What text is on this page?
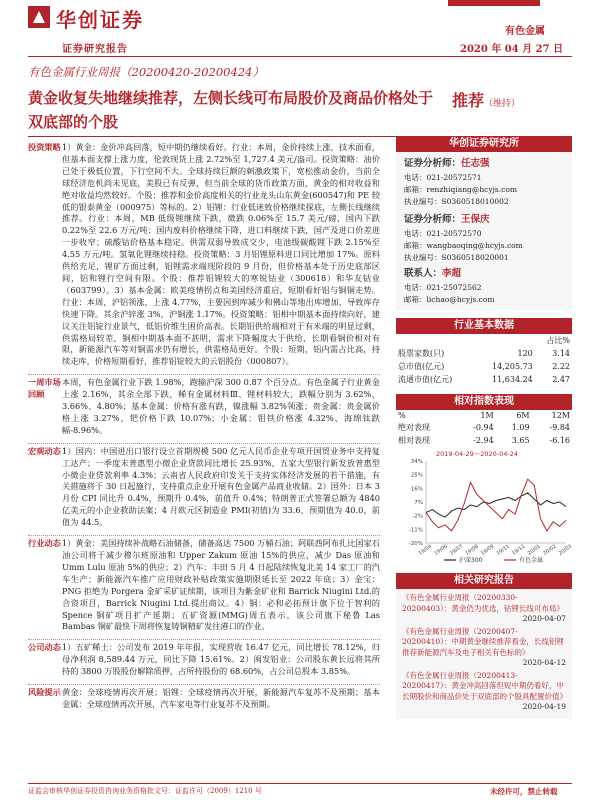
华创证券
证券研究报告
有色金属
2020 年 04 月 27 日
有色金属行业周报（20200420-20200424）
黄金收复失地继续推荐，左侧长线可布局股价及商品价格处于双底部的个股
推荐（维持）
投资策略 1）黄金：金价冲高回落，短中期仍继续看好。行业：本周，金价持续上涨，技术面看，但基本面支撑上涨力度，伦敦现货上涨 2.72%至 1,727.4 美元/盎司。投资策略：油价已处于极低位置，下行空间不大。全球持续巨额的刺激政策下，宽松推动金价，当前全球经济危机尚未见底，美股已有反弹，但当前全球的货币政策方面，黄金的相对收益和绝对收益均然较好。个股：推荐和金价高度相关的行业龙头山东黄金(600547)和 PE 较低的银泰黄金（000975）等标的。2）铝锂：行业低迷致价格继续探底，左侧长线继续推荐。行业：本周，MB 低级锂继续下跌，微跌 0.06%至 15.7 美元/磅，国内下跌 0.22%至 22.6 万元/吨；国内废料价格继续下降，进口料继续下跌，国产及进口价差进一步收窄；硫酸钴价格基本稳定。供需双弱导致成交少，电池级碳酸锂下跌 2.15%至 4.55 万元/吨。氢氧化锂继续持稳。投资策略：3 月铝锂原料进口同比增加 17%。原料供给充足，锂矿方面过剩，铝锂需求端现阶段的 9 月份，但价格基本处于历史底部区间，铝和锂行空间有限。个股：推荐铝锂较大的寒锐钴业（300618）和华友钴业（603799）。3）基本金属：欧美疫情拐点和美国经济重启，短期看好铝与铜铜走势。行业：本周，沪铝领涨，上涨 4.77%，主要因到库减少和佛山等地出库增加，导致库存快速下降。其余沪锌涨 3%，沪铜涨 1.17%。投资策略：铝相中期基本面持续向好，建议关注铝锭行业景气，低铝价维生困价高表。长期铝供给端相对于有米端的明显过剩，供需格局较差，铜相中期基本面不甚明，需求下降幅度大于供给，长期看铜价相对有限，新能源汽车等对铜需求仍有增长，供需格局更好。个股：短期，铝内需占比高，持续走库，价格短期看好，推荐铝锭较大的云铝股份（000807）。

一周市场回顾

本周，有色金属行业下跌 1.98%，跑输沪深 300 0.87 个百分点。有色金属子行业黄金上涨 2.16%，其余全部下跌，稀有金属材料Ⅲ、锂材料较大，跌幅分别为 3.62%、3.66%、4.80%；基本金属：价格有涨有跌，镍涨幅 3.82%领涨；贵金属：贵金属价格上涨 3.27%，钯价格下跌 10.07%；小金属：钼铁价格涨 4.32%、海绵钛跌幅-8.96%。

宏观动态 1）国内：中国进出口银行设立首期规模 500 亿元人民币企业专项开国贸业务中支持复工达产；一季度末普惠型小微企业贷款同比增长 25.93%，五家大型银行新发放普惠型小微企业贷款利率 4.3%；云南省人民政府印发关于支持实体经济发展的若干措施，有关措施将于 30 日起施行，支持重点企业开展有色金属产品商业收储。2）国外：日本 3 月份 CPI 同比升 0.4%，预期升 0.4%，前值升 0.4%；特朗普正式签署总额为 4840 亿美元的小企业救助法案；4 月欧元区制造业 PMI(初值)为 33.6，预期值为 40.0，前值为 44.5。

行业动态 1）黄金：美国持续补战略石油储备，储备高达 7500 万桶石油；阿联酋阿布扎比国家石油公司将于减少穆尔班原油和 Upper Zakum 原油 15%的供应，减少 Das 原油和 Umm Lulu 原油 5%的供应；2）汽车：丰田 5 月 4 日起陆续恢复北美 14 家工厂的汽车生产；新能源汽车推广应用财政补贴政策实施期限延长至 2022 年底；3）金宝：PNG 拒绝为 Porgera 金矿采矿证续期，该项目为紫金矿业和 Barrick Niugini Ltd.的合资项目，Barrick Niugini Ltd.提出商议。4）铜：必和必拓预计旗下位于智利的 Spence 铜矿项目扩产延期；五矿资源(MMG)周五表示，该公司旗下秘鲁 Las Bambas 铜矿最快下周将恢复铸铜精矿发往港口的作业。

公司动态 1）五矿稀土：公司发布 2019 年年报，实现营收 16.47 亿元，同比增长 78.12%，归母净利润 8,589.44 万元，同比下降 15.61%。2）闽发铝业：公司股东黄长远将其所持的 3800 万股股份解除质押，占所持股份的 68.60%，占公司总股本 3.85%。

风险提示 黄金：全球疫情再次开展；铝锂：全球疫情再次开展，新能源汽车复苏不及预期；基本金属：全球疫情再次开展，汽车家电等行业复苏不及预期。

华创证券研究所
证券分析师：任志强
电话：021-20572571
邮箱：renzhiqiang@hcyjs.com
执业编号：S0360518010002
证券分析师：王保庆
电话：021-20572570
邮箱：wangbaoqing@hcyjs.com
执业编号：S0360518020001
联系人：李超
电话：021-25072562
邮箱：lichao@hcyjs.com
行业基本数据
		占比%
股票家数(只)	120	3.14
总市值(亿元)	14,205.73	2.22
流通市值(亿元)	11,634.24	2.47
相对指数表现
%	1M	6M	12M
绝对表现	-0.94	1.09	-9.84
相对表现	-2.94	3.65	-6.16
2019-04-29～2020-04-24
34%
25%
16%
7%
-2%
-11%
-20%
19/04 19/06 19/07 19/08 19/09 19/11 19/12 20/01 20/02 20/03
沪深300	有色金属
相关研究报告
《有色金属行业周报（20200330-20200403）：黄金仍为优选，钴锂长线可布局》
2020-04-07
《有色金属行业周报（20200407-20200410）：中期黄金继续推荐看金，长线铝锂推荐新能源汽车及电子相关有色标的》
2020-04-12
《有色金属行业周报（20200413-20200417）：黄金冲高回落但短中期仍看好，中长期股价和商品价处于双底部的个股具配置价值》
2020-04-19
证监会审核华创证券投资咨询业务资格批文号：证监许可（2009）1210 号	未经许可，禁止转载
